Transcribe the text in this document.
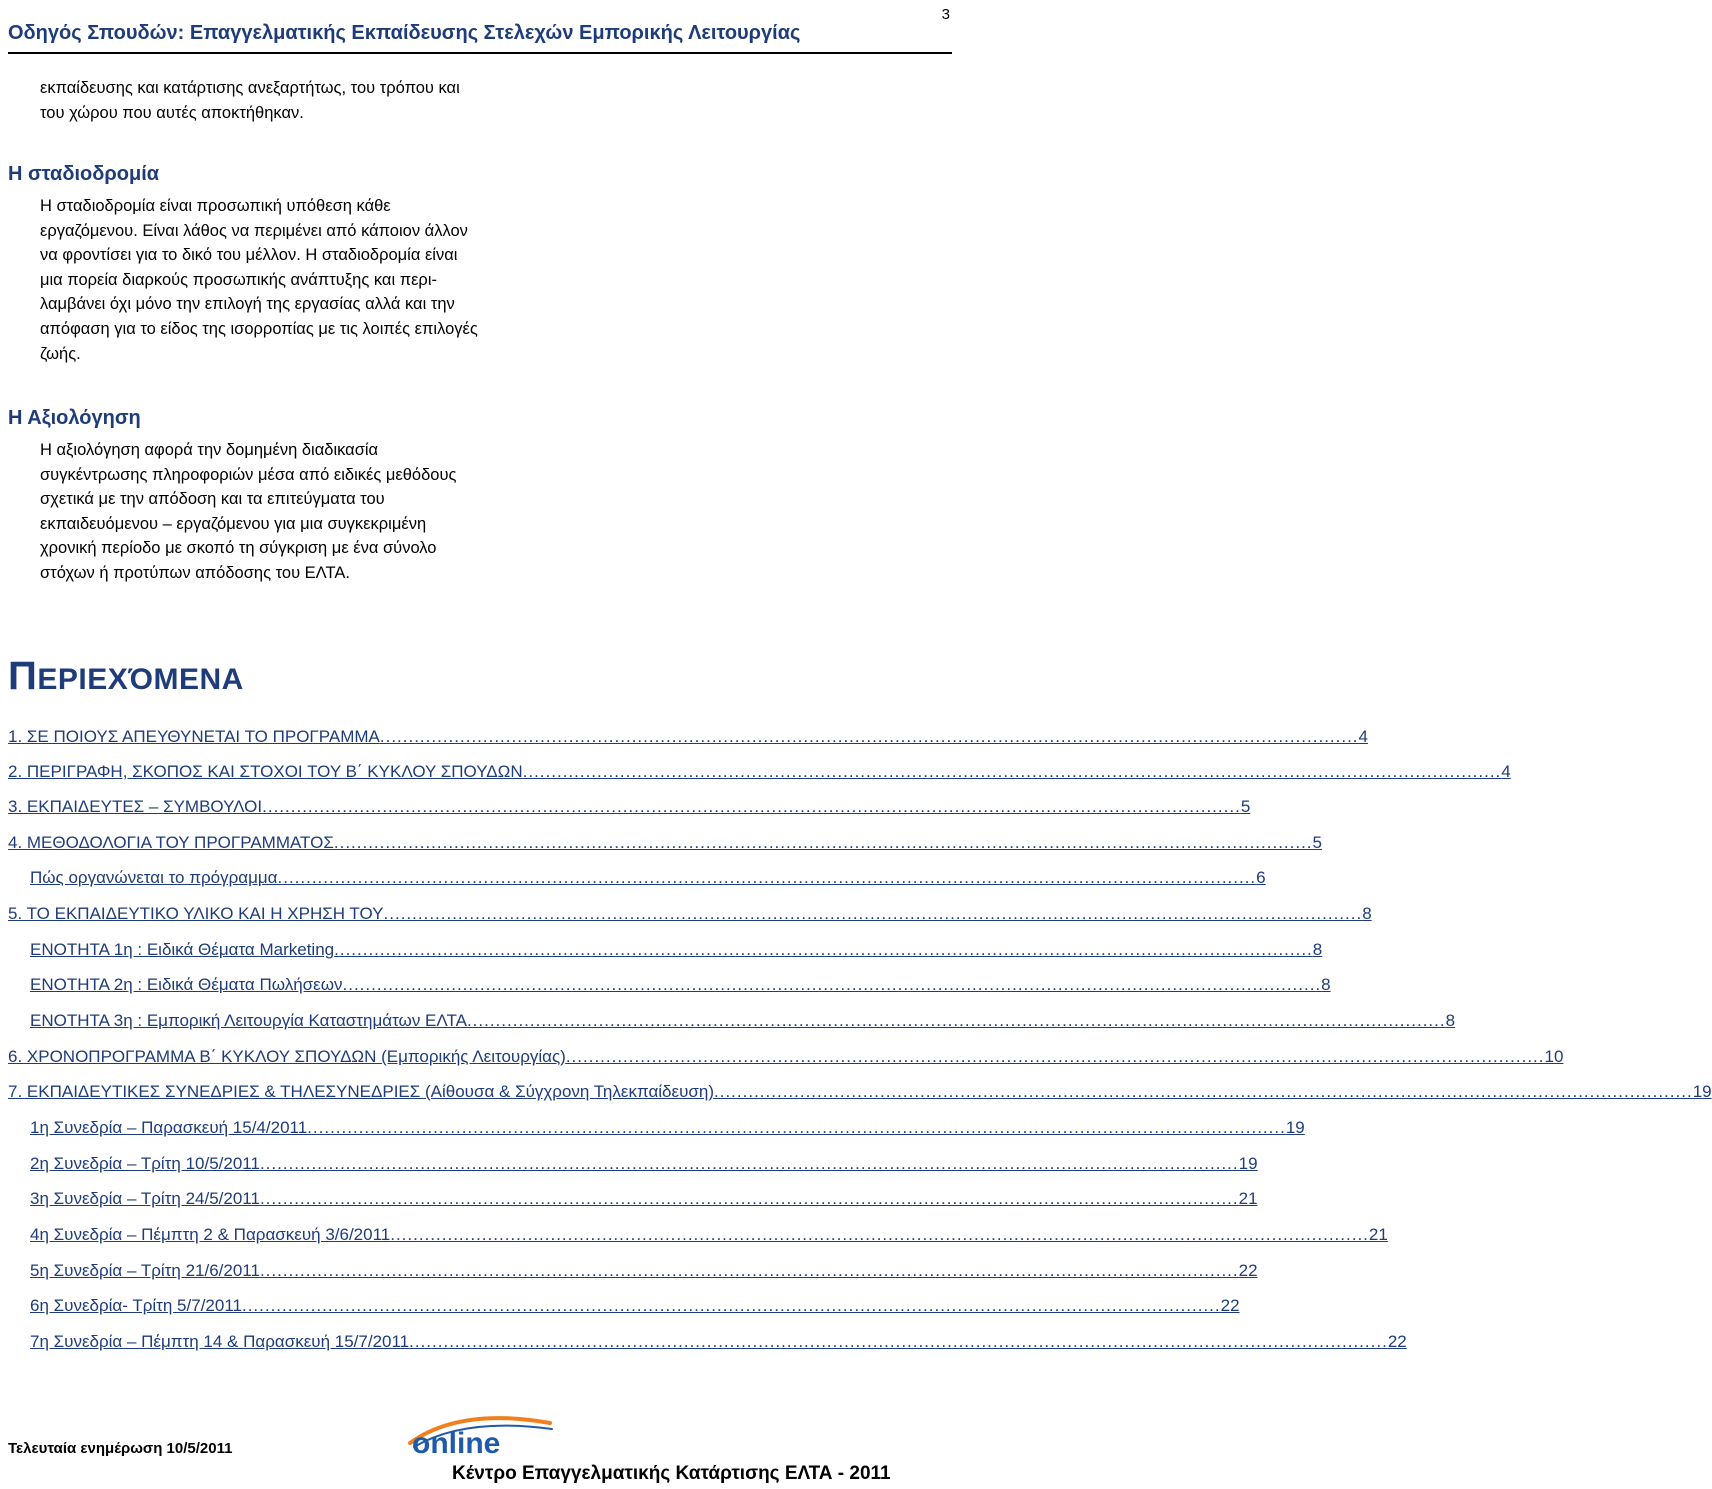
Οδηγός Σπουδών: Επαγγελματικής Εκπαίδευσης Στελεχών Εμπορικής Λειτουργίας
3
εκπαίδευσης και κατάρτισης ανεξαρτήτως, του τρόπου και
του χώρου που αυτές αποκτήθηκαν.
Η σταδιοδρομία
Η σταδιοδρομία είναι προσωπική υπόθεση κάθε
εργαζόμενου. Είναι λάθος να περιμένει από κάποιον άλλον
να φροντίσει για το δικό του μέλλον. Η σταδιοδρομία είναι
μια πορεία διαρκούς προσωπικής ανάπτυξης και περι-
λαμβάνει όχι μόνο την επιλογή της εργασίας αλλά και την
απόφαση για το είδος της ισορροπίας με τις λοιπές επιλογές
ζωής.
Η Αξιολόγηση
Η αξιολόγηση αφορά την δομημένη διαδικασία
συγκέντρωσης πληροφοριών μέσα από ειδικές μεθόδους
σχετικά με την απόδοση και τα επιτεύγματα του
εκπαιδευόμενου – εργαζόμενου για μια συγκεκριμένη
χρονική περίοδο με σκοπό τη σύγκριση με ένα σύνολο
στόχων ή προτύπων απόδοσης του ΕΛΤΑ.
ΠΕΡΙΕΧΌΜΕΝΑ
1. ΣΕ ΠΟΙΟΥΣ ΑΠΕΥΘΥΝΕΤΑΙ ΤΟ ΠΡΟΓΡΑΜΜΑ ........................................................................................................................................................................... 4
2. ΠΕΡΙΓΡΑΦΗ, ΣΚΟΠΟΣ ΚΑΙ ΣΤΟΧΟΙ ΤΟΥ Β΄ ΚΥΚΛΟΥ ΣΠΟΥΔΩΝ ........................................................................................................................................................................... 4
3. ΕΚΠΑΙΔΕΥΤΕΣ – ΣΥΜΒΟΥΛΟΙ ........................................................................................................................................................................... 5
4. ΜΕΘΟΔΟΛΟΓΙΑ ΤΟΥ ΠΡΟΓΡΑΜΜΑΤΟΣ ........................................................................................................................................................................... 5
Πώς οργανώνεται το πρόγραμμα ........................................................................................................................................................................... 6
5. ΤΟ ΕΚΠΑΙΔΕΥΤΙΚΟ ΥΛΙΚΟ ΚΑΙ Η ΧΡΗΣΗ ΤΟΥ ........................................................................................................................................................................... 8
ΕΝΟΤΗΤΑ 1η : Ειδικά Θέματα Marketing ........................................................................................................................................................................... 8
ΕΝΟΤΗΤΑ 2η : Ειδικά Θέματα Πωλήσεων ........................................................................................................................................................................... 8
ΕΝΟΤΗΤΑ 3η : Εμπορική Λειτουργία Καταστημάτων ΕΛΤΑ ........................................................................................................................................................................... 8
6. ΧΡΟΝΟΠΡΟΓΡΑΜΜΑ Β΄ ΚΥΚΛΟΥ ΣΠΟΥΔΩΝ (Εμπορικής Λειτουργίας) ........................................................................................................................................................................... 10
7. ΕΚΠΑΙΔΕΥΤΙΚΕΣ ΣΥΝΕΔΡΙΕΣ & ΤΗΛΕΣΥΝΕΔΡΙΕΣ (Αίθουσα & Σύγχρονη Τηλεκπαίδευση) ........................................................................................................................................................................... 19
1η Συνεδρία – Παρασκευή 15/4/2011 ........................................................................................................................................................................... 19
2η Συνεδρία – Τρίτη 10/5/2011 ........................................................................................................................................................................... 19
3η Συνεδρία – Τρίτη 24/5/2011 ........................................................................................................................................................................... 21
4η Συνεδρία – Πέμπτη 2 & Παρασκευή 3/6/2011 ........................................................................................................................................................................... 21
5η Συνεδρία – Τρίτη 21/6/2011 ........................................................................................................................................................................... 22
6η Συνεδρία- Τρίτη 5/7/2011 ........................................................................................................................................................................... 22
7η Συνεδρία – Πέμπτη 14 & Παρασκευή 15/7/2011 ........................................................................................................................................................................... 22
Τελευταία ενημέρωση 10/5/2011	online
Κέντρο Επαγγελματικής Κατάρτισης ΕΛΤΑ - 2011
